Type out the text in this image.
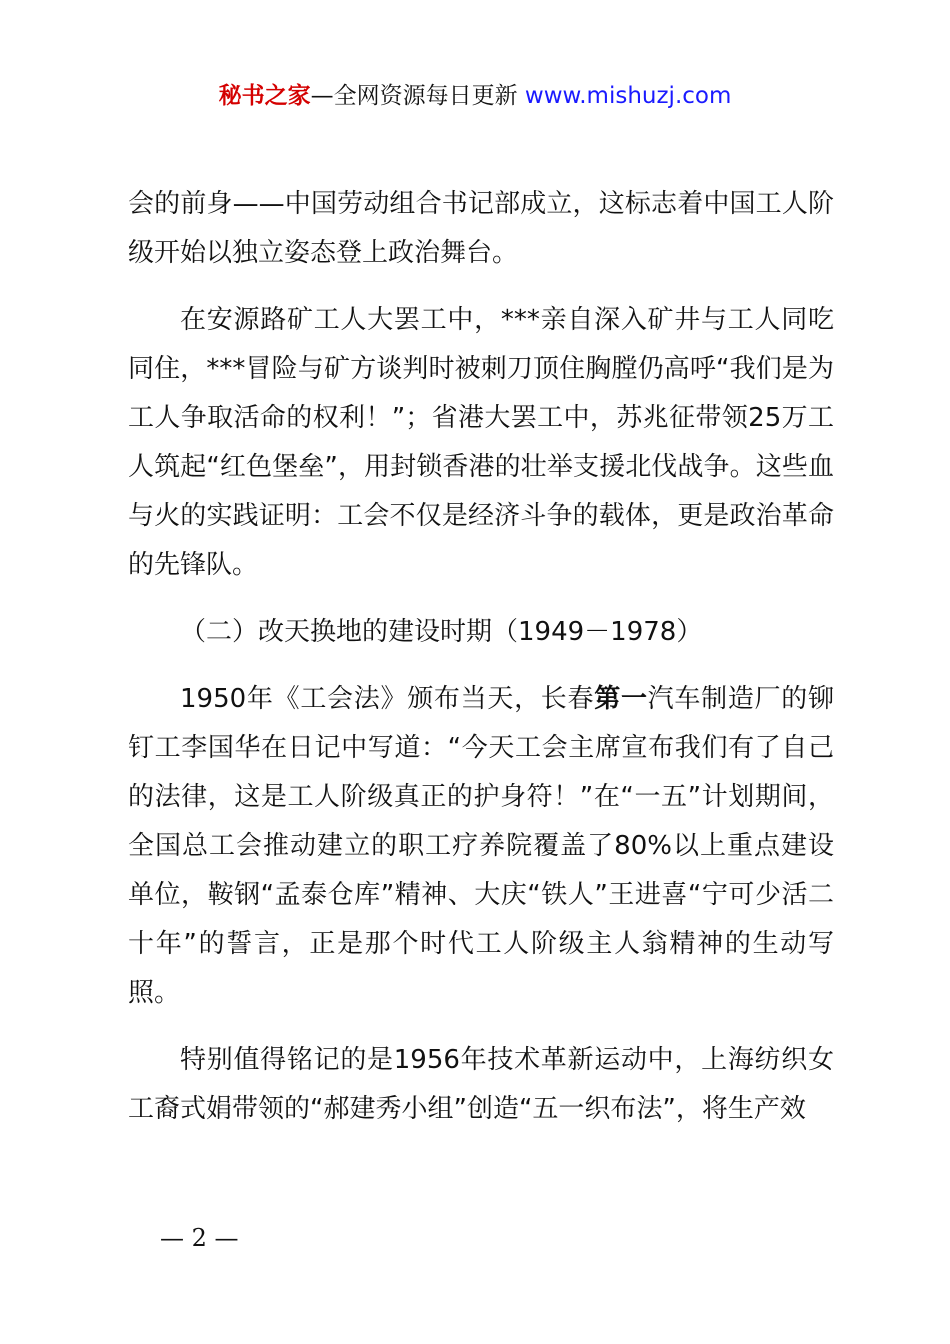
秘书之家—全网资源每日更新 www.mishuzj.com

会的前身——中国劳动组合书记部成立，这标志着中国工人阶级开始以独立姿态登上政治舞台。

在安源路矿工人大罢工中，***亲自深入矿井与工人同吃同住，***冒险与矿方谈判时被刺刀顶住胸膛仍高呼“我们是为工人争取活命的权利！”；省港大罢工中，苏兆征带领25万工人筑起“红色堡垒”，用封锁香港的壮举支援北伐战争。这些血与火的实践证明：工会不仅是经济斗争的载体，更是政治革命的先锋队。

（二）改天换地的建设时期（1949－1978）

1950年《工会法》颁布当天，长春第一汽车制造厂的铆钉工李国华在日记中写道：“今天工会主席宣布我们有了自己的法律，这是工人阶级真正的护身符！”在“一五”计划期间，全国总工会推动建立的职工疗养院覆盖了80%以上重点建设单位，鞍钢“孟泰仓库”精神、大庆“铁人”王进喜“宁可少活二十年”的誓言，正是那个时代工人阶级主人翁精神的生动写照。

特别值得铭记的是1956年技术革新运动中，上海纺织女工裔式娟带领的“郝建秀小组”创造“五一织布法”，将生产效

— 2 —
